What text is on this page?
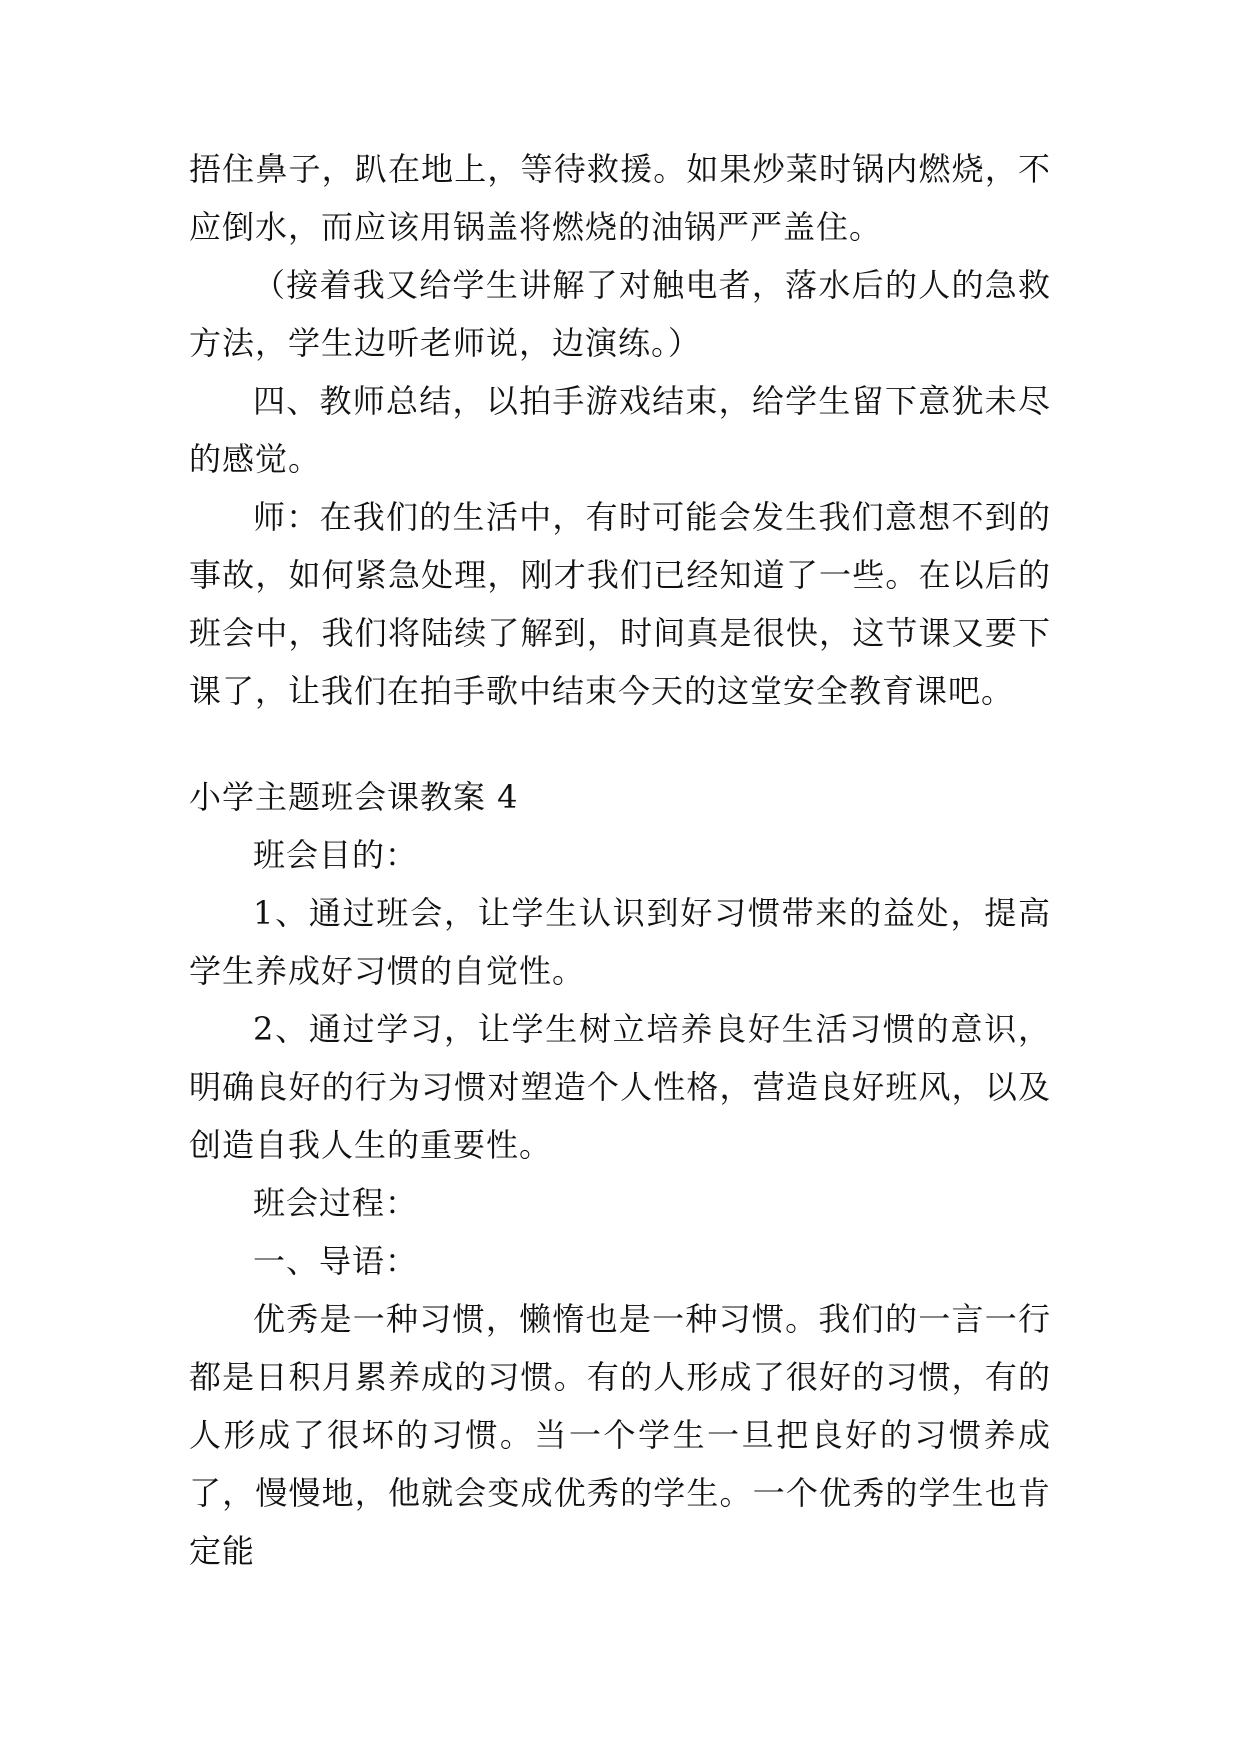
捂住鼻子，趴在地上，等待救援。如果炒菜时锅内燃烧，不应倒水，而应该用锅盖将燃烧的油锅严严盖住。

（接着我又给学生讲解了对触电者，落水后的人的急救方法，学生边听老师说，边演练。）

四、教师总结，以拍手游戏结束，给学生留下意犹未尽的感觉。

师：在我们的生活中，有时可能会发生我们意想不到的事故，如何紧急处理，刚才我们已经知道了一些。在以后的班会中，我们将陆续了解到，时间真是很快，这节课又要下课了，让我们在拍手歌中结束今天的这堂安全教育课吧。

小学主题班会课教案 4

班会目的：

1、通过班会，让学生认识到好习惯带来的益处，提高学生养成好习惯的自觉性。

2、通过学习，让学生树立培养良好生活习惯的意识，明确良好的行为习惯对塑造个人性格，营造良好班风，以及创造自我人生的重要性。

班会过程：

一、导语：

优秀是一种习惯，懒惰也是一种习惯。我们的一言一行都是日积月累养成的习惯。有的人形成了很好的习惯，有的人形成了很坏的习惯。当一个学生一旦把良好的习惯养成了，慢慢地，他就会变成优秀的学生。一个优秀的学生也肯定能
